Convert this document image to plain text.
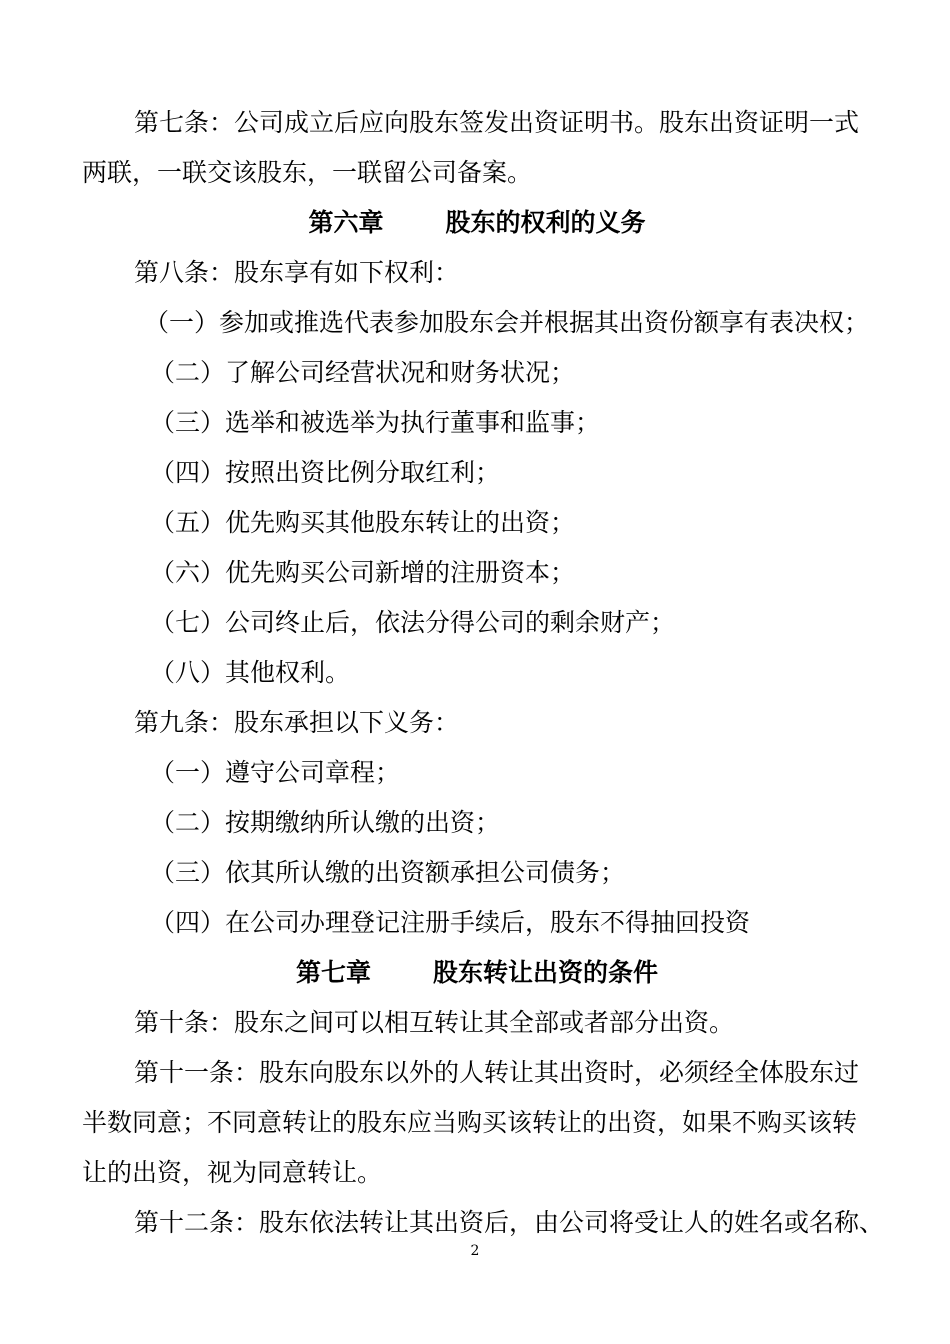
第七条：公司成立后应向股东签发出资证明书。股东出资证明一式
两联，一联交该股东，一联留公司备案。
第六章 股东的权利的义务
第八条：股东享有如下权利：
（一）参加或推选代表参加股东会并根据其出资份额享有表决权；
（二）了解公司经营状况和财务状况；
（三）选举和被选举为执行董事和监事；
（四）按照出资比例分取红利；
（五）优先购买其他股东转让的出资；
（六）优先购买公司新增的注册资本；
（七）公司终止后，依法分得公司的剩余财产；
（八）其他权利。
第九条：股东承担以下义务：
（一）遵守公司章程；
（二）按期缴纳所认缴的出资；
（三）依其所认缴的出资额承担公司债务；
（四）在公司办理登记注册手续后，股东不得抽回投资
第七章 股东转让出资的条件
第十条：股东之间可以相互转让其全部或者部分出资。
第十一条：股东向股东以外的人转让其出资时，必须经全体股东过
半数同意；不同意转让的股东应当购买该转让的出资，如果不购买该转
让的出资，视为同意转让。
第十二条：股东依法转让其出资后，由公司将受让人的姓名或名称、
2
